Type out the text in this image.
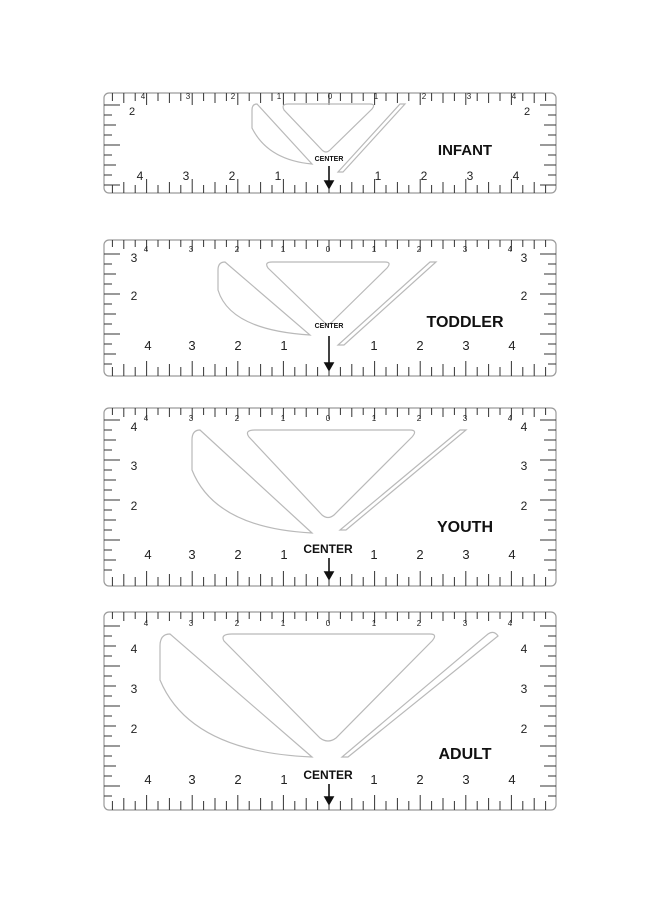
4	3	2	1	0	1	2	3	4
4	3	2	1	1	2	3	4
2	2
INFANT
CENTER
4	3	2	1	0	1	2	3	4
4	3	2	1	1	2	3	4
3
2
3
2
TODDLER
CENTER
4	3	2	1	0	1	2	3	4
4	3	2	1	1	2	3	4
4
3
2
4
3
2
YOUTH
CENTER
4	3	2	1	0	1	2	3	4
4	3	2	1	1	2	3	4
4
3
2
4
3
2
ADULT
CENTER
